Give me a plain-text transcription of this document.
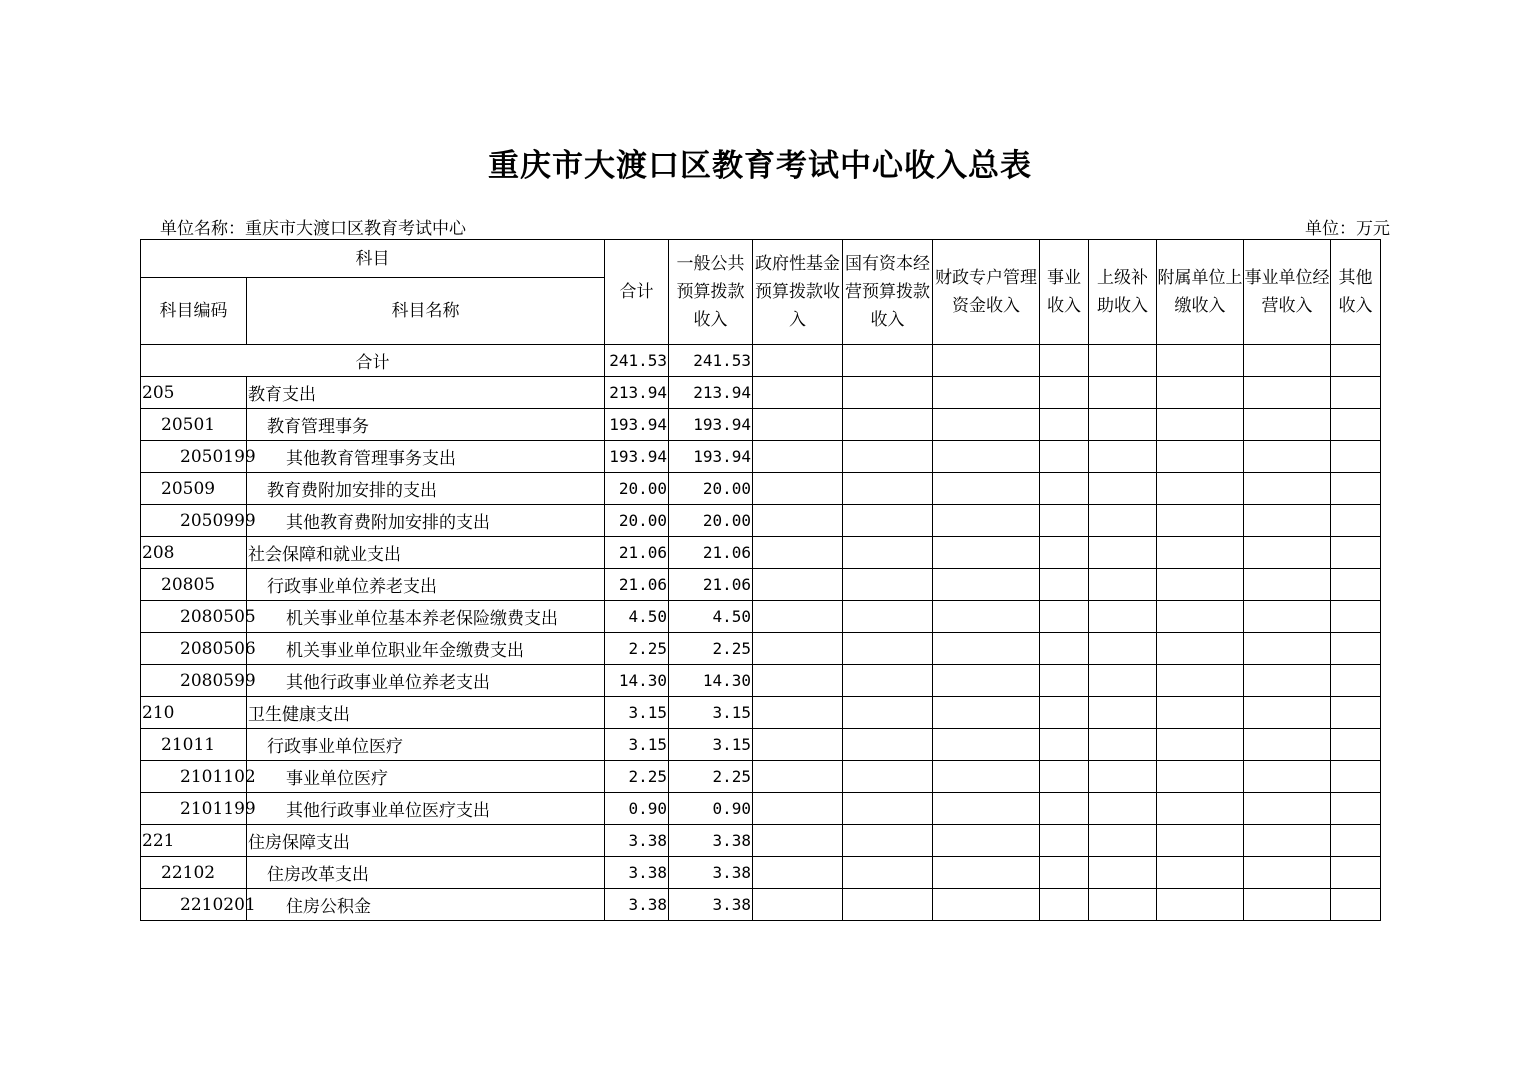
重庆市大渡口区教育考试中心收入总表
单位名称：重庆市大渡口区教育考试中心	单位：万元
科目		合计	一般公共预算拨款收入	政府性基金预算拨款收入	国有资本经营预算拨款收入	财政专户管理资金收入	事业收入	上级补助收入	附属单位上缴收入	事业单位经营收入	其他收入
科目编码	科目名称										
合计		241.53	241.53								
205	教育支出	213.94	213.94								
20501	教育管理事务	193.94	193.94								
2050199	其他教育管理事务支出	193.94	193.94								
20509	教育费附加安排的支出	20.00	20.00								
2050999	其他教育费附加安排的支出	20.00	20.00								
208	社会保障和就业支出	21.06	21.06								
20805	行政事业单位养老支出	21.06	21.06								
2080505	机关事业单位基本养老保险缴费支出	4.50	4.50								
2080506	机关事业单位职业年金缴费支出	2.25	2.25								
2080599	其他行政事业单位养老支出	14.30	14.30								
210	卫生健康支出	3.15	3.15								
21011	行政事业单位医疗	3.15	3.15								
2101102	事业单位医疗	2.25	2.25								
2101199	其他行政事业单位医疗支出	0.90	0.90								
221	住房保障支出	3.38	3.38								
22102	住房改革支出	3.38	3.38								
2210201	住房公积金	3.38	3.38								
